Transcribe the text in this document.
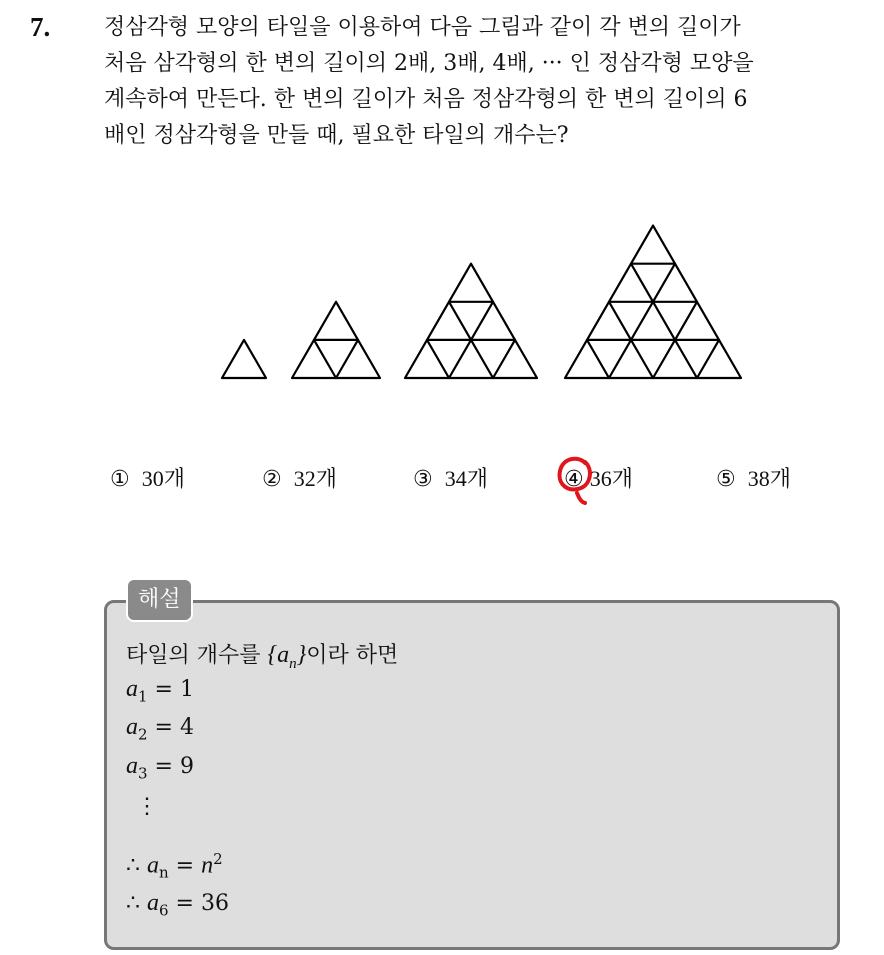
7. 정삼각형 모양의 타일을 이용하여 다음 그림과 같이 각 변의 길이가
처음 삼각형의 한 변의 길이의 2배, 3배, 4배, ··· 인 정삼각형 모양을
계속하여 만든다. 한 변의 길이가 처음 정삼각형의 한 변의 길이의 6
배인 정삼각형을 만들 때, 필요한 타일의 개수는?

① 30개	② 32개	③ 34개	④ 36개	⑤ 38개
해설
타일의 개수를 $\{a_n\}$이라 하면
$a_1 = 1$
$a_2 = 4$
$a_3 = 9$
⋮
∴ $a_n = n^2$
∴ $a_6 = 36$
